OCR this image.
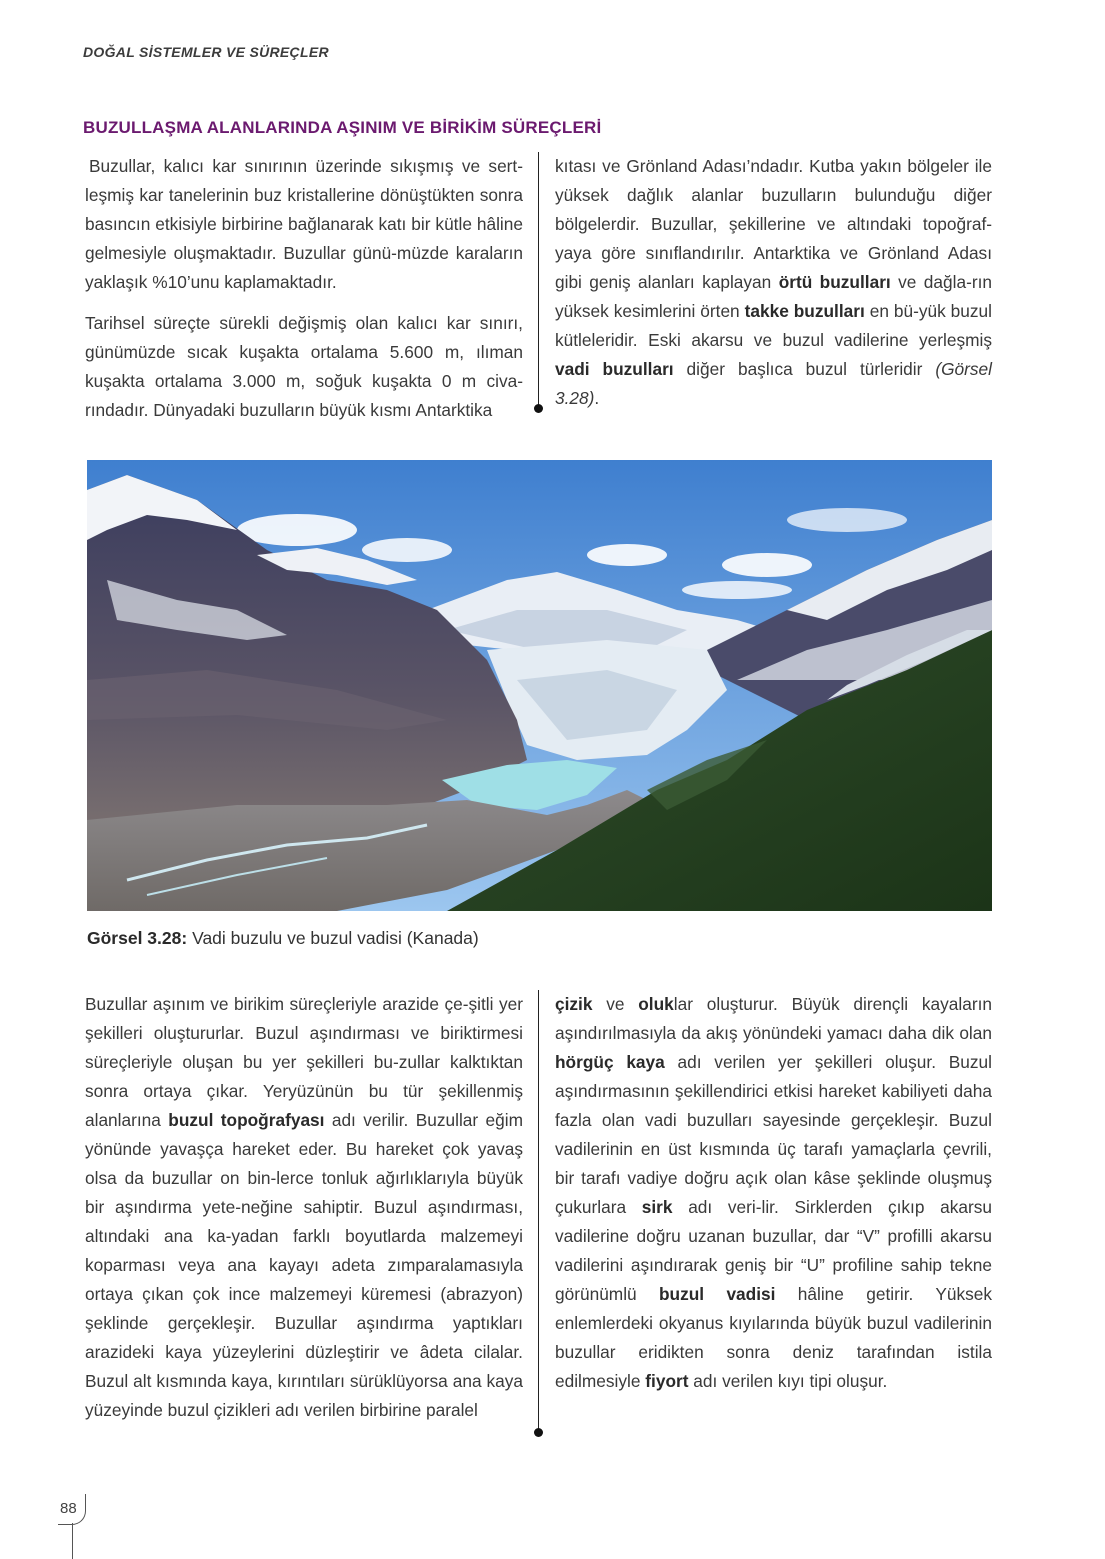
DOĞAL SİSTEMLER VE SÜREÇLER
BUZULLAŞMA ALANLARINDA AŞINIM VE BİRİKİM SÜREÇLERİ

Buzullar, kalıcı kar sınırının üzerinde sıkışmış ve sert-leşmiş kar tanelerinin buz kristallerine dönüştükten sonra basıncın etkisiyle birbirine bağlanarak katı bir kütle hâline gelmesiyle oluşmaktadır. Buzullar günü-müzde karaların yaklaşık %10’unu kaplamaktadır.

Tarihsel süreçte sürekli değişmiş olan kalıcı kar sınırı, günümüzde sıcak kuşakta ortalama 5.600 m, ılıman kuşakta ortalama 3.000 m, soğuk kuşakta 0 m civa-rındadır. Dünyadaki buzulların büyük kısmı Antarktika

kıtası ve Grönland Adası’ndadır. Kutba yakın bölgeler ile yüksek dağlık alanlar buzulların bulunduğu diğer bölgelerdir. Buzullar, şekillerine ve altındaki topoğraf-yaya göre sınıflandırılır. Antarktika ve Grönland Adası gibi geniş alanları kaplayan örtü buzulları ve dağla-rın yüksek kesimlerini örten takke buzulları en bü-yük buzul kütleleridir. Eski akarsu ve buzul vadilerine yerleşmiş vadi buzulları diğer başlıca buzul türleridir (Görsel 3.28).

Görsel 3.28: Vadi buzulu ve buzul vadisi (Kanada)

Buzullar aşınım ve birikim süreçleriyle arazide çe-şitli yer şekilleri oluştururlar. Buzul aşındırması ve biriktirmesi süreçleriyle oluşan bu yer şekilleri bu-zullar kalktıktan sonra ortaya çıkar. Yeryüzünün bu tür şekillenmiş alanlarına buzul topoğrafyası adı verilir. Buzullar eğim yönünde yavaşça hareket eder. Bu hareket çok yavaş olsa da buzullar on bin-lerce tonluk ağırlıklarıyla büyük bir aşındırma yete-neğine sahiptir. Buzul aşındırması, altındaki ana ka-yadan farklı boyutlarda malzemeyi koparması veya ana kayayı adeta zımparalamasıyla ortaya çıkan çok ince malzemeyi küremesi (abrazyon) şeklinde gerçekleşir. Buzullar aşındırma yaptıkları arazideki kaya yüzeylerini düzleştirir ve âdeta cilalar. Buzul alt kısmında kaya, kırıntıları sürüklüyorsa ana kaya yüzeyinde buzul çizikleri adı verilen birbirine paralel

çizik ve oluklar oluşturur. Büyük dirençli kayaların aşındırılmasıyla da akış yönündeki yamacı daha dik olan hörgüç kaya adı verilen yer şekilleri oluşur. Buzul aşındırmasının şekillendirici etkisi hareket kabiliyeti daha fazla olan vadi buzulları sayesinde gerçekleşir. Buzul vadilerinin en üst kısmında üç tarafı yamaçlarla çevrili, bir tarafı vadiye doğru açık olan kâse şeklinde oluşmuş çukurlara sirk adı veri-lir. Sirklerden çıkıp akarsu vadilerine doğru uzanan buzullar, dar “V” profilli akarsu vadilerini aşındırarak geniş bir “U” profiline sahip tekne görünümlü buzul vadisi hâline getirir. Yüksek enlemlerdeki okyanus kıyılarında büyük buzul vadilerinin buzullar eridikten sonra deniz tarafından istila edilmesiyle fiyort adı verilen kıyı tipi oluşur.

88
